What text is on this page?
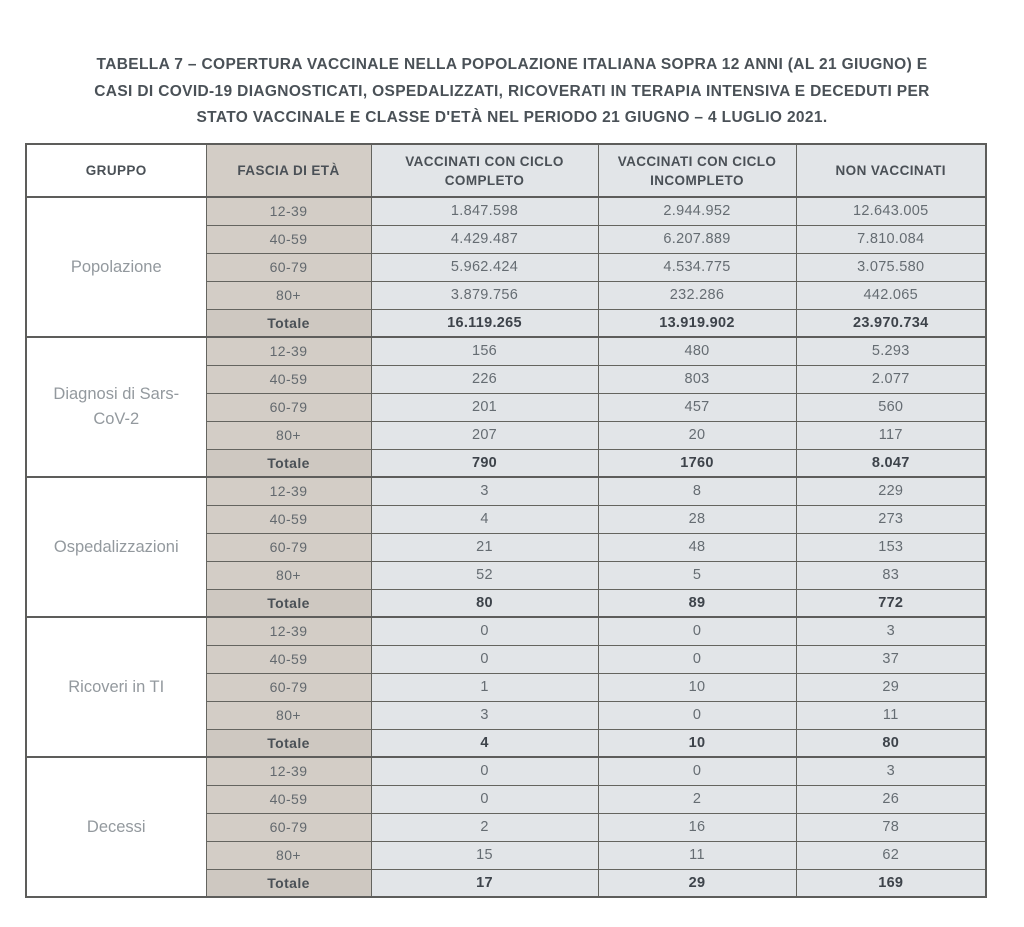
TABELLA 7 – COPERTURA VACCINALE NELLA POPOLAZIONE ITALIANA SOPRA 12 ANNI (AL 21 GIUGNO) E
CASI DI COVID-19 DIAGNOSTICATI, OSPEDALIZZATI, RICOVERATI IN TERAPIA INTENSIVA E DECEDUTI PER
STATO VACCINALE E CLASSE D'ETÀ NEL PERIODO 21 GIUGNO – 4 LUGLIO 2021.
GRUPPO	FASCIA DI ETÀ	VACCINATI CON CICLO COMPLETO	VACCINATI CON CICLO INCOMPLETO	NON VACCINATI
Popolazione	12-39	1.847.598	2.944.952	12.643.005
	40-59	4.429.487	6.207.889	7.810.084
	60-79	5.962.424	4.534.775	3.075.580
	80+	3.879.756	232.286	442.065
	Totale	16.119.265	13.919.902	23.970.734
Diagnosi di Sars-CoV-2	12-39	156	480	5.293
	40-59	226	803	2.077
	60-79	201	457	560
	80+	207	20	117
	Totale	790	1760	8.047
Ospedalizzazioni	12-39	3	8	229
	40-59	4	28	273
	60-79	21	48	153
	80+	52	5	83
	Totale	80	89	772
Ricoveri in TI	12-39	0	0	3
	40-59	0	0	37
	60-79	1	10	29
	80+	3	0	11
	Totale	4	10	80
Decessi	12-39	0	0	3
	40-59	0	2	26
	60-79	2	16	78
	80+	15	11	62
	Totale	17	29	169
